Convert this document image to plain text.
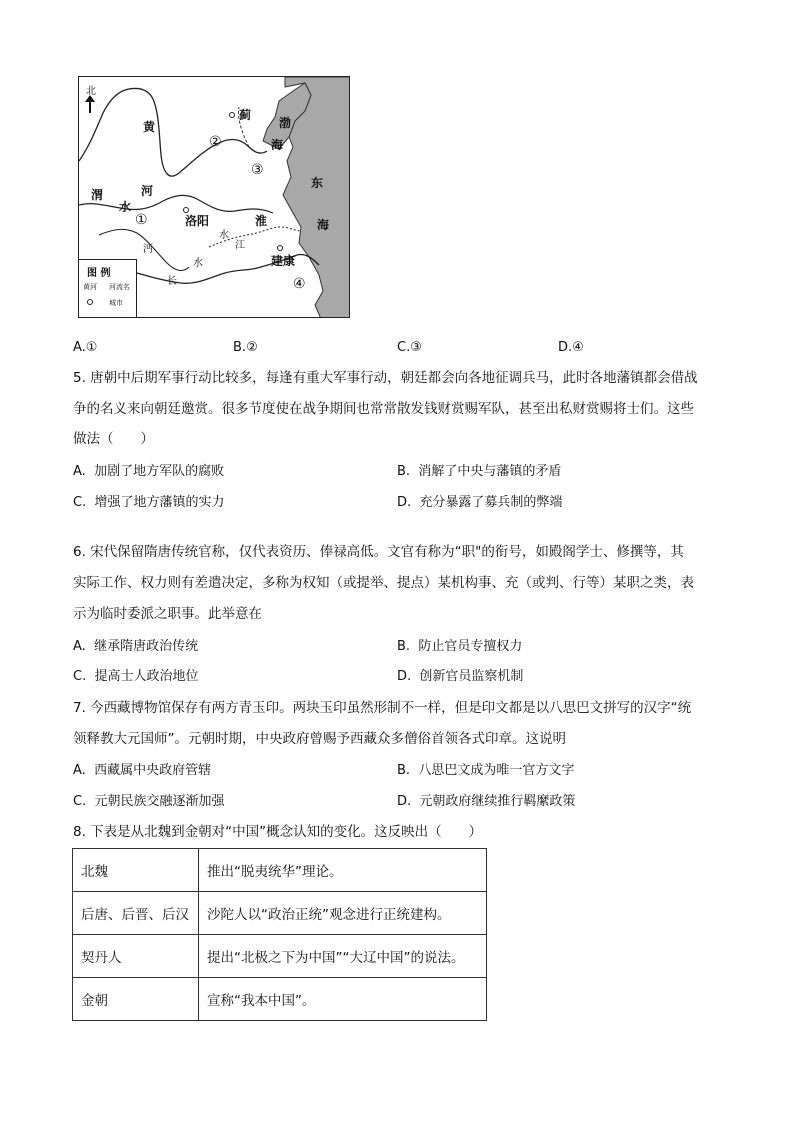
北
黄
河
渭
水
洛阳	淮
水
蓟
渤
海
东
海
沔
水
长
江
建康
①
②
③
④
图 例
黄河 河流名
城市
A.①	B.②	C.③	D.④
5. 唐朝中后期军事行动比较多，每逢有重大军事行动，朝廷都会向各地征调兵马，此时各地藩镇都会借战
争的名义来向朝廷邀赏。很多节度使在战争期间也常常散发钱财赏赐军队，甚至出私财赏赐将士们。这些
做法（　　）
A. 加剧了地方军队的腐败	B. 消解了中央与藩镇的矛盾
C. 增强了地方藩镇的实力	D. 充分暴露了募兵制的弊端
6. 宋代保留隋唐传统官称，仅代表资历、俸禄高低。文官有称为“职"的衔号，如殿阁学士、修撰等，其
实际工作、权力则有差遣决定，多称为权知（或提举、提点）某机构事、充（或判、行等）某职之类，表
示为临时委派之职事。此举意在
A. 继承隋唐政治传统	B. 防止官员专擅权力
C. 提高士人政治地位	D. 创新官员监察机制
7. 今西藏博物馆保存有两方青玉印。两块玉印虽然形制不一样，但是印文都是以八思巴文拼写的汉字“统
领释教大元国师”。元朝时期，中央政府曾赐予西藏众多僧俗首领各式印章。这说明
A. 西藏属中央政府管辖	B. 八思巴文成为唯一官方文字
C. 元朝民族交融逐渐加强	D. 元朝政府继续推行羁縻政策
8. 下表是从北魏到金朝对“中国”概念认知的变化。这反映出（　　）
北魏	推出“脱夷统华”理论。
后唐、后晋、后汉	沙陀人以“政治正统”观念进行正统建构。
契丹人	提出“北极之下为中国”“大辽中国”的说法。
金朝	宣称“我本中国”。
